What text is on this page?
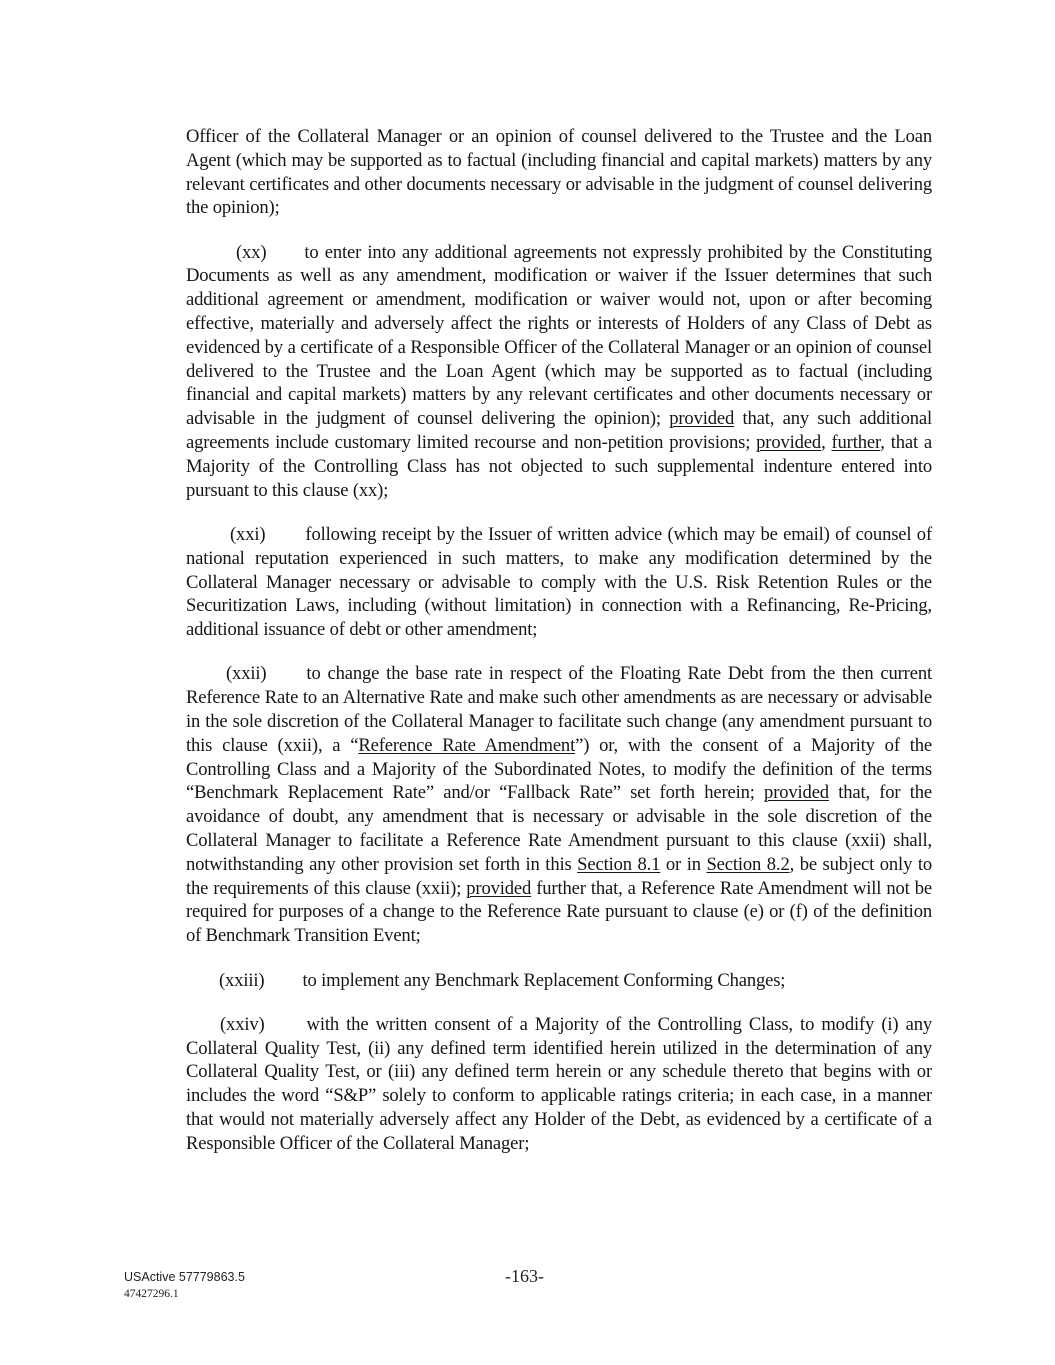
Officer of the Collateral Manager or an opinion of counsel delivered to the Trustee and the Loan Agent (which may be supported as to factual (including financial and capital markets) matters by any relevant certificates and other documents necessary or advisable in the judgment of counsel delivering the opinion);

(xx) to enter into any additional agreements not expressly prohibited by the Constituting Documents as well as any amendment, modification or waiver if the Issuer determines that such additional agreement or amendment, modification or waiver would not, upon or after becoming effective, materially and adversely affect the rights or interests of Holders of any Class of Debt as evidenced by a certificate of a Responsible Officer of the Collateral Manager or an opinion of counsel delivered to the Trustee and the Loan Agent (which may be supported as to factual (including financial and capital markets) matters by any relevant certificates and other documents necessary or advisable in the judgment of counsel delivering the opinion); provided that, any such additional agreements include customary limited recourse and non-petition provisions; provided, further, that a Majority of the Controlling Class has not objected to such supplemental indenture entered into pursuant to this clause (xx);

(xxi) following receipt by the Issuer of written advice (which may be email) of counsel of national reputation experienced in such matters, to make any modification determined by the Collateral Manager necessary or advisable to comply with the U.S. Risk Retention Rules or the Securitization Laws, including (without limitation) in connection with a Refinancing, Re-Pricing, additional issuance of debt or other amendment;

(xxii) to change the base rate in respect of the Floating Rate Debt from the then current Reference Rate to an Alternative Rate and make such other amendments as are necessary or advisable in the sole discretion of the Collateral Manager to facilitate such change (any amendment pursuant to this clause (xxii), a “Reference Rate Amendment”) or, with the consent of a Majority of the Controlling Class and a Majority of the Subordinated Notes, to modify the definition of the terms “Benchmark Replacement Rate” and/or “Fallback Rate” set forth herein; provided that, for the avoidance of doubt, any amendment that is necessary or advisable in the sole discretion of the Collateral Manager to facilitate a Reference Rate Amendment pursuant to this clause (xxii) shall, notwithstanding any other provision set forth in this Section 8.1 or in Section 8.2, be subject only to the requirements of this clause (xxii); provided further that, a Reference Rate Amendment will not be required for purposes of a change to the Reference Rate pursuant to clause (e) or (f) of the definition of Benchmark Transition Event;

(xxiii) to implement any Benchmark Replacement Conforming Changes;

(xxiv) with the written consent of a Majority of the Controlling Class, to modify (i) any Collateral Quality Test, (ii) any defined term identified herein utilized in the determination of any Collateral Quality Test, or (iii) any defined term herein or any schedule thereto that begins with or includes the word “S&P” solely to conform to applicable ratings criteria; in each case, in a manner that would not materially adversely affect any Holder of the Debt, as evidenced by a certificate of a Responsible Officer of the Collateral Manager;

USActive 57779863.5
47427296.1
-163-
